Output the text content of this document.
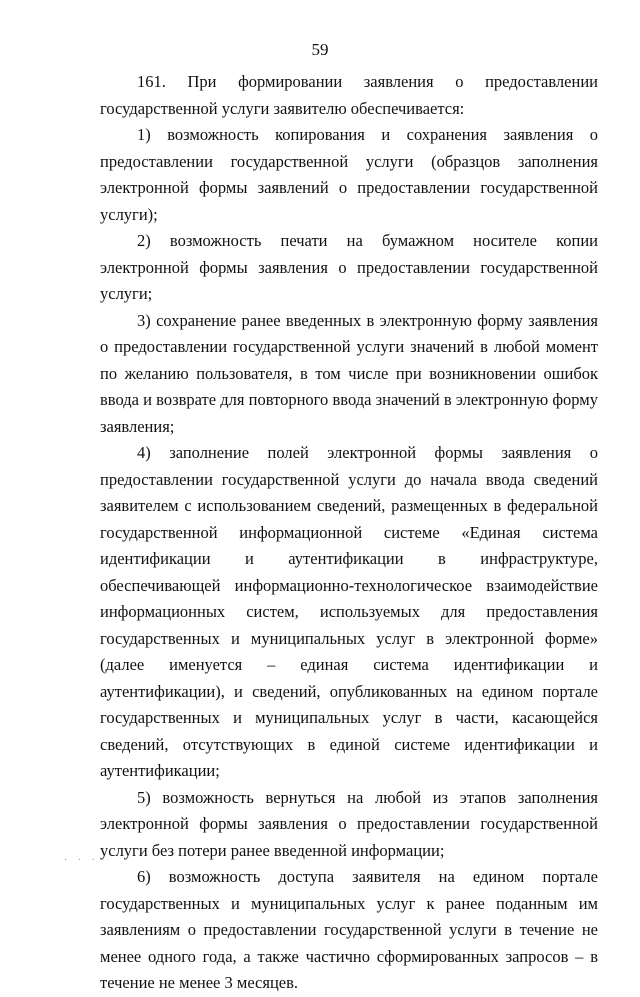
59

161. При формировании заявления о предоставлении государственной услуги заявителю обеспечивается:

1) возможность копирования и сохранения заявления о предоставлении государственной услуги (образцов заполнения электронной формы заявлений о предоставлении государственной услуги);

2) возможность печати на бумажном носителе копии электронной формы заявления о предоставлении государственной услуги;

3) сохранение ранее введенных в электронную форму заявления о предоставлении государственной услуги значений в любой момент по желанию пользователя, в том числе при возникновении ошибок ввода и возврате для повторного ввода значений в электронную форму заявления;

4) заполнение полей электронной формы заявления о предоставлении государственной услуги до начала ввода сведений заявителем с использованием сведений, размещенных в федеральной государственной информационной системе «Единая система идентификации и аутентификации в инфраструктуре, обеспечивающей информационно-технологическое взаимодействие информационных систем, используемых для предоставления государственных и муниципальных услуг в электронной форме» (далее именуется – единая система идентификации и аутентификации), и сведений, опубликованных на едином портале государственных и муниципальных услуг в части, касающейся сведений, отсутствующих в единой системе идентификации и аутентификации;

5) возможность вернуться на любой из этапов заполнения электронной формы заявления о предоставлении государственной услуги без потери ранее введенной информации;

6) возможность доступа заявителя на едином портале государственных и муниципальных услуг к ранее поданным им заявлениям о предоставлении государственной услуги в течение не менее одного года, а также частично сформированных запросов – в течение не менее 3 месяцев.

· · ·
